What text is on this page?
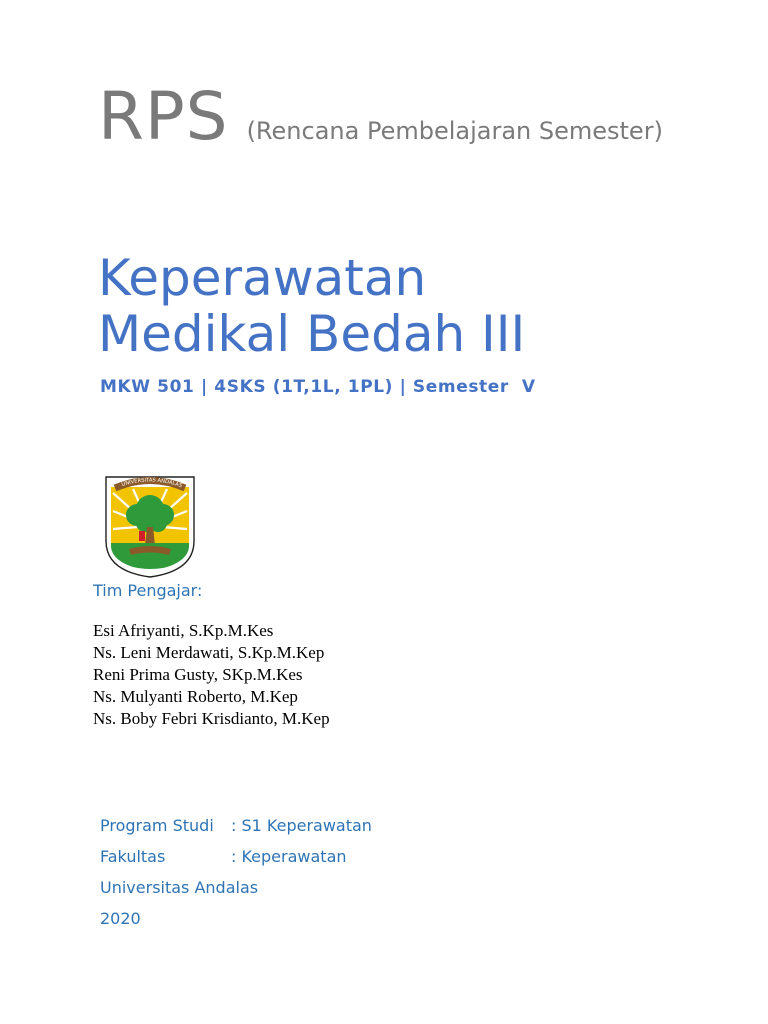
RPS (Rencana Pembelajaran Semester)
Keperawatan
Medikal Bedah III
MKW 501 | 4SKS (1T,1L, 1PL) | Semester  V
UNIVERSITAS ANDALAS
Tim Pengajar:
Esi Afriyanti, S.Kp.M.Kes
Ns. Leni Merdawati, S.Kp.M.Kep
Reni Prima Gusty, SKp.M.Kes
Ns. Mulyanti Roberto, M.Kep
Ns. Boby Febri Krisdianto, M.Kep
Program Studi : S1 Keperawatan
Fakultas	: Keperawatan
Universitas Andalas
2020
